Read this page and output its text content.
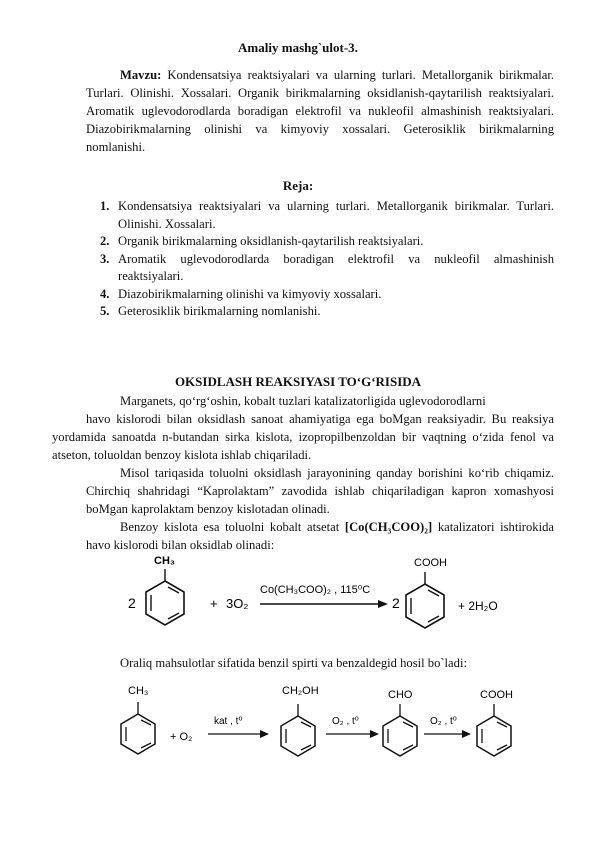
Amaliy mashg`ulot-3.

Mavzu: Kondensatsiya reaktsiyalari va ularning turlari. Metallorganik birikmalar. Turlari. Olinishi. Xossalari. Organik birikmalarning oksidlanish-qaytarilish reaktsiyalari. Aromatik uglevodorodlarda boradigan elektrofil va nukleofil almashinish reaktsiyalari. Diazobirikmalarning olinishi va kimyoviy xossalari. Geterosiklik birikmalarning nomlanishi.

Reja:
1. Kondensatsiya reaktsiyalari va ularning turlari. Metallorganik birikmalar. Turlari. Olinishi. Xossalari.
2. Organik birikmalarning oksidlanish-qaytarilish reaktsiyalari.
3. Aromatik uglevodorodlarda boradigan elektrofil va nukleofil almashinish reaktsiyalari.
4. Diazobirikmalarning olinishi va kimyoviy xossalari.
5. Geterosiklik birikmalarning nomlanishi.
OKSIDLASH REAKSIYASI TO‘G‘RISIDA

Marganets, qo‘rg‘oshin, kobalt tuzlari katalizatorligida uglevodorodlarni
havo kislorodi bilan oksidlash sanoat ahamiyatiga ega boMgan reaksiyadir. Bu reaksiya yordamida sanoatda n-butandan sirka kislota, izopropilbenzoldan bir vaqtning o‘zida fenol va atseton, toluoldan benzoy kislota ishlab chiqariladi.

Misol tariqasida toluolni oksidlash jarayonining qanday borishini ko‘rib chiqamiz. Chirchiq shahridagi “Kaprolaktam” zavodida ishlab chiqariladigan kapron xomashyosi boMgan kaprolaktam benzoy kislotadan olinadi.

Benzoy kislota esa toluolni kobalt atsetat [Co(CH₃COO)₂] katalizatori ishtirokida havo kislorodi bilan oksidlab olinadi:

2
CH₃
+ 3O₂
Co(CH₃COO)₂ , 115⁰C
2
COOH
+ 2H₂O

Oraliq mahsulotlar sifatida benzil spirti va benzaldegid hosil bo`ladi:

CH₃
+ O₂
kat , t⁰
CH₂OH
O₂ , t⁰
CHO
O₂ , t⁰
COOH
